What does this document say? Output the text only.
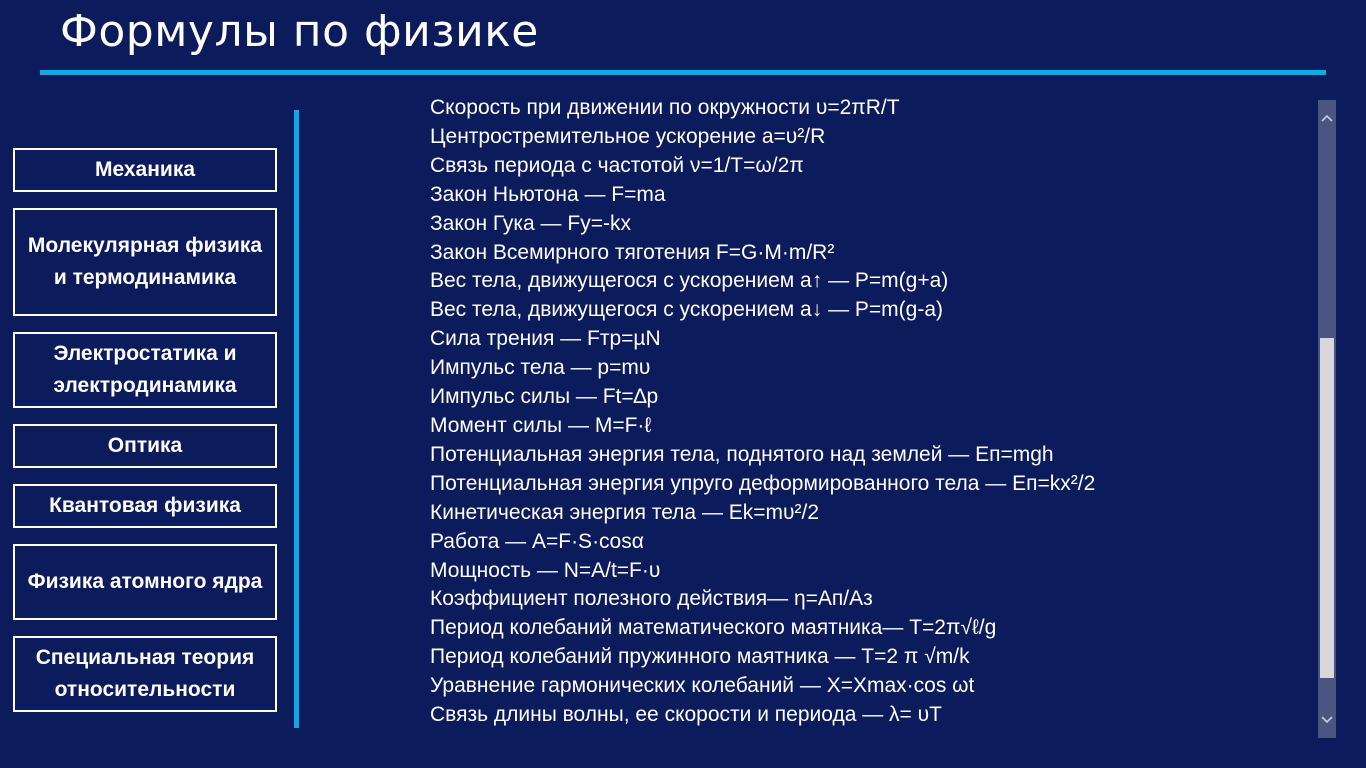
Формулы по физике
Механика
Молекулярная физика и термодинамика
Электростатика и электродинамика
Оптика
Квантовая физика
Физика атомного ядра
Специальная теория относительности
Скорость при движении по окружности υ=2πR/T
Центростремительное ускорение a=υ²/R
Связь периода с частотой ν=1/T=ω/2π
Закон Ньютона — F=ma
Закон Гука — Fy=-kx
Закон Всемирного тяготения F=G·M·m/R²
Вес тела, движущегося с ускорением a↑ — Р=m(g+a)
Вес тела, движущегося с ускорением а↓ — Р=m(g-a)
Сила трения — Fтр=µN
Импульс тела — p=mυ
Импульс силы — Ft=∆p
Момент силы — M=F·ℓ
Потенциальная энергия тела, поднятого над землей — Eп=mgh
Потенциальная энергия упруго деформированного тела — Eп=kx²/2
Кинетическая энергия тела — Ek=mυ²/2
Работа — A=F·S·cosα
Мощность — N=A/t=F·υ
Коэффициент полезного действия— η=Aп/Аз
Период колебаний математического маятника— T=2π√ℓ/g
Период колебаний пружинного маятника — T=2 π √m/k
Уравнение гармонических колебаний — Х=Хmax·cos ωt
Связь длины волны, ее скорости и периода — λ= υТ
